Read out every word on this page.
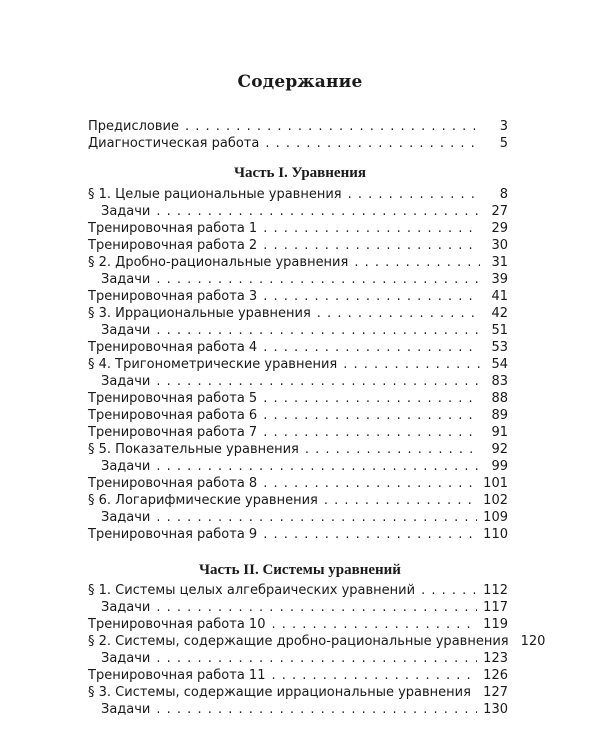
Содержание
Предисловие . . .	3
Диагностическая работа . . .	5
Часть I. Уравнения
§ 1. Целые рациональные уравнения . . .	8
Задачи . . .	27
Тренировочная работа 1 . . .	29
Тренировочная работа 2 . . .	30
§ 2. Дробно-рациональные уравнения . . .	31
Задачи . . .	39
Тренировочная работа 3 . . .	41
§ 3. Иррациональные уравнения . . .	42
Задачи . . .	51
Тренировочная работа 4 . . .	53
§ 4. Тригонометрические уравнения . . .	54
Задачи . . .	83
Тренировочная работа 5 . . .	88
Тренировочная работа 6 . . .	89
Тренировочная работа 7 . . .	91
§ 5. Показательные уравнения . . .	92
Задачи . . .	99
Тренировочная работа 8 . . .	101
§ 6. Логарифмические уравнения . . .	102
Задачи . . .	109
Тренировочная работа 9 . . .	110
Часть II. Системы уравнений
§ 1. Системы целых алгебраических уравнений . . .	112
Задачи . . .	117
Тренировочная работа 10 . . .	119
§ 2. Системы, содержащие дробно-рациональные уравнения 120
Задачи . . .	123
Тренировочная работа 11 . . .	126
§ 3. Системы, содержащие иррациональные уравнения . . . 127
Задачи . . .	130
